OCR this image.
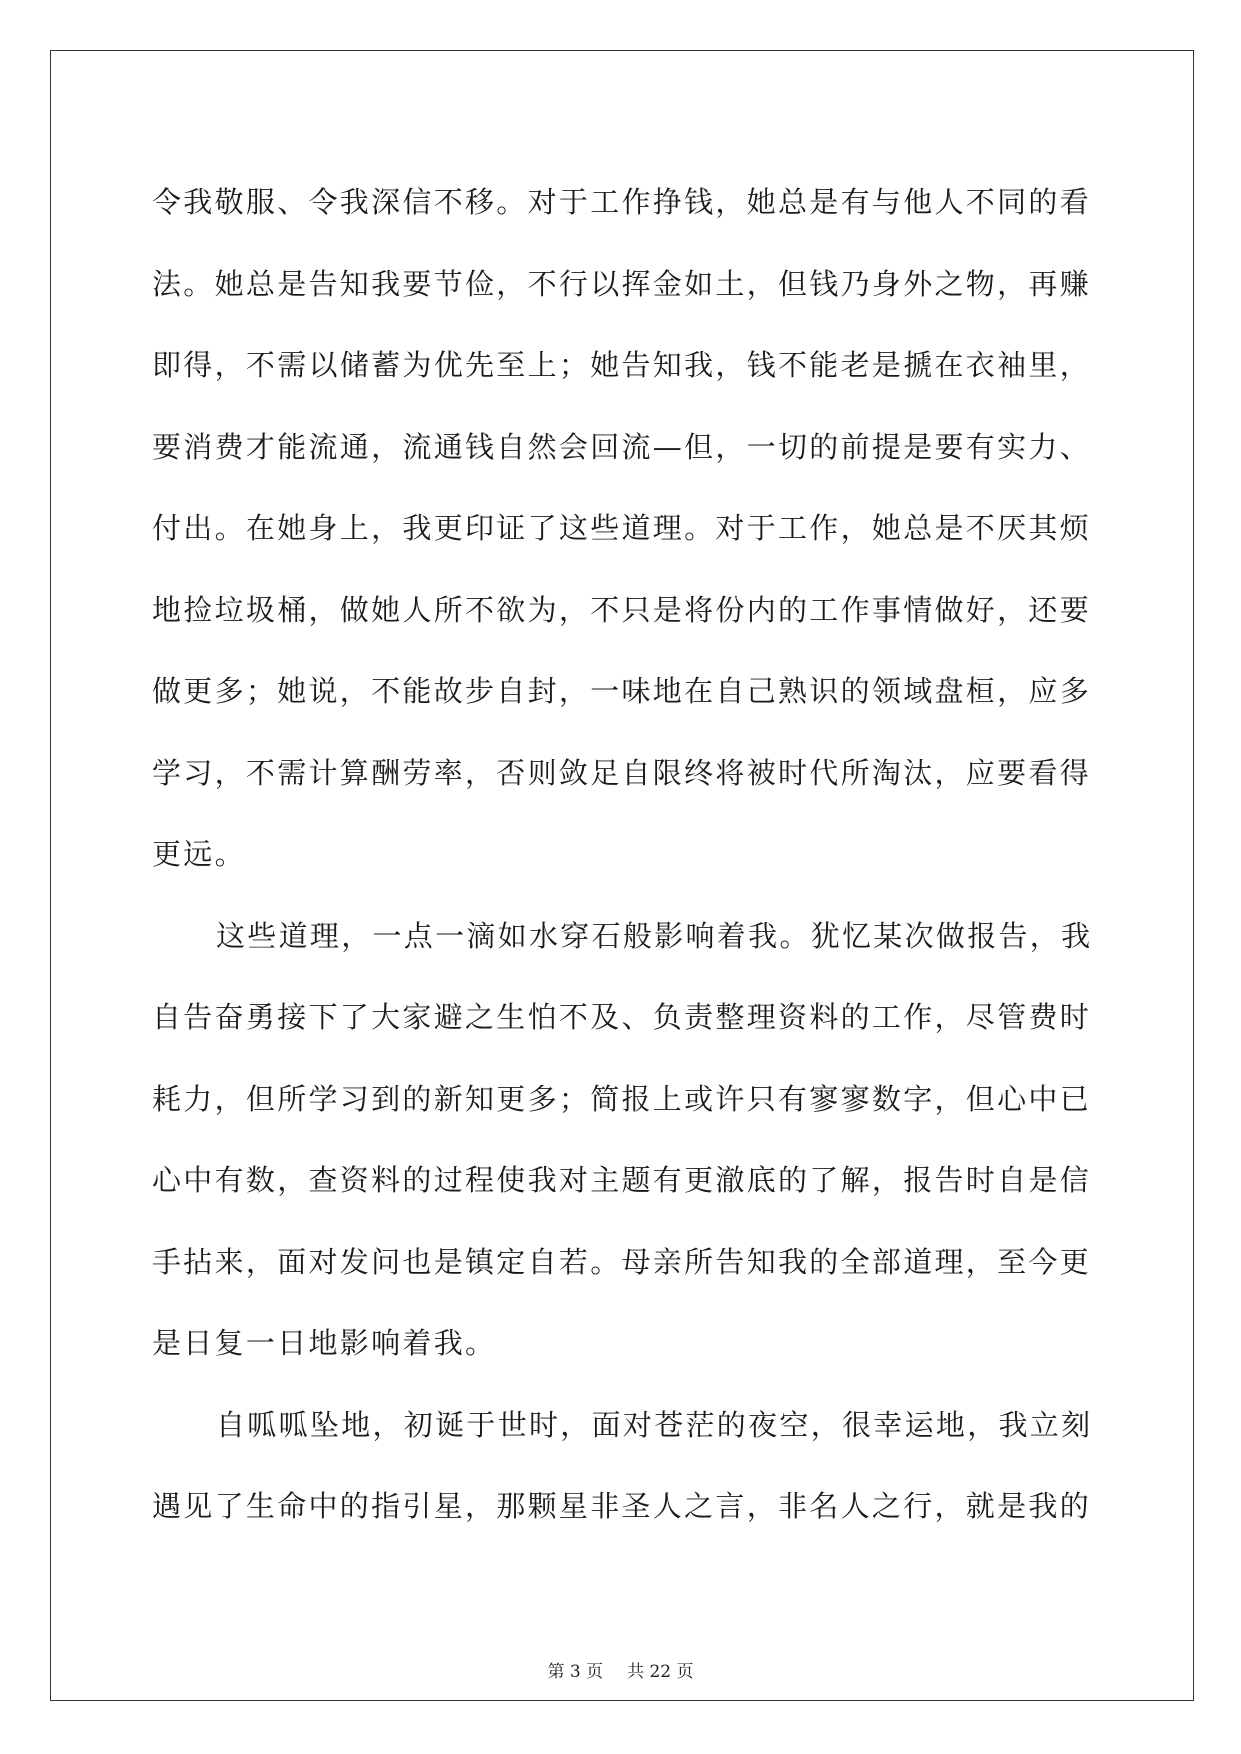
令我敬服、令我深信不移。对于工作挣钱，她总是有与他人不同的看
法。她总是告知我要节俭，不行以挥金如土，但钱乃身外之物，再赚
即得，不需以储蓄为优先至上；她告知我，钱不能老是搋在衣袖里，
要消费才能流通，流通钱自然会回流—但，一切的前提是要有实力、
付出。在她身上，我更印证了这些道理。对于工作，她总是不厌其烦
地捡垃圾桶，做她人所不欲为，不只是将份内的工作事情做好，还要
做更多；她说，不能故步自封，一味地在自己熟识的领域盘桓，应多
学习，不需计算酬劳率，否则敛足自限终将被时代所淘汰，应要看得
更远。

这些道理，一点一滴如水穿石般影响着我。犹忆某次做报告，我
自告奋勇接下了大家避之生怕不及、负责整理资料的工作，尽管费时
耗力，但所学习到的新知更多；简报上或许只有寥寥数字，但心中已
心中有数，查资料的过程使我对主题有更澈底的了解，报告时自是信
手拈来，面对发问也是镇定自若。母亲所告知我的全部道理，至今更
是日复一日地影响着我。

自呱呱坠地，初诞于世时，面对苍茫的夜空，很幸运地，我立刻
遇见了生命中的指引星，那颗星非圣人之言，非名人之行，就是我的

第 3 页 共 22 页
